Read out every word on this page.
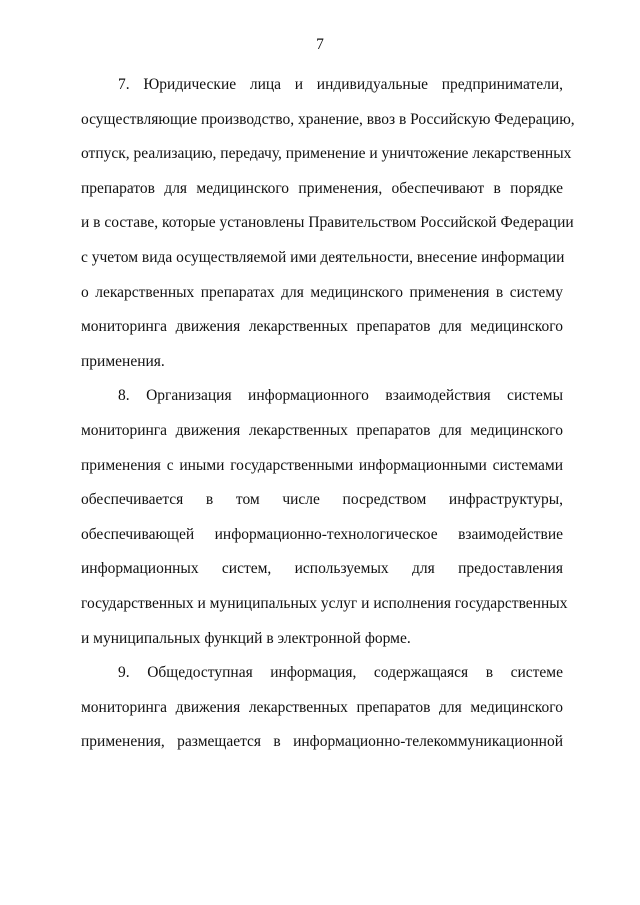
7

7. Юридические лица и индивидуальные предприниматели,
осуществляющие производство, хранение, ввоз в Российскую Федерацию,
отпуск, реализацию, передачу, применение и уничтожение лекарственных
препаратов для медицинского применения, обеспечивают в порядке
и в составе, которые установлены Правительством Российской Федерации
с учетом вида осуществляемой ими деятельности, внесение информации
о лекарственных препаратах для медицинского применения в систему
мониторинга движения лекарственных препаратов для медицинского
применения.

8. Организация информационного взаимодействия системы
мониторинга движения лекарственных препаратов для медицинского
применения с иными государственными информационными системами
обеспечивается в том числе посредством инфраструктуры,
обеспечивающей информационно-технологическое взаимодействие
информационных систем, используемых для предоставления
государственных и муниципальных услуг и исполнения государственных
и муниципальных функций в электронной форме.

9. Общедоступная информация, содержащаяся в системе
мониторинга движения лекарственных препаратов для медицинского
применения, размещается в информационно-телекоммуникационной
